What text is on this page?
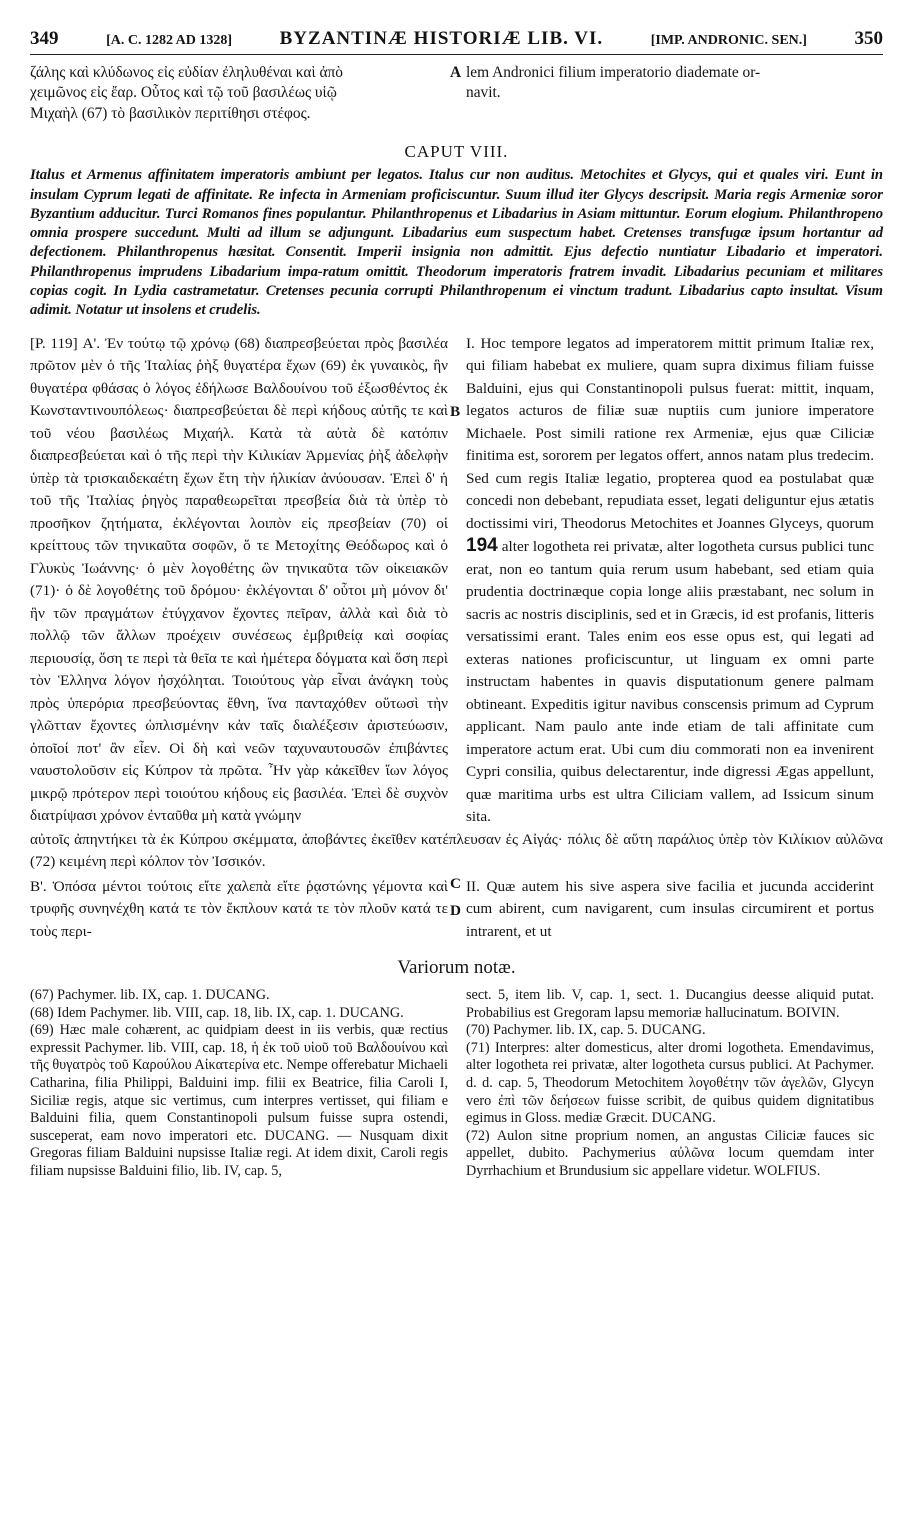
349	[A. C. 1282 AD 1328]	BYZANTINÆ HISTORIÆ LIB. VI.	[IMP. ANDRONIC. SEN.]	350
ζάλης καὶ κλύδωνος εἰς εὐδίαν ἐληλυθέναι καὶ ἀπὸ
χειμῶνος εἰς ἔαρ. Οὗτος καὶ τῷ τοῦ βασιλέως υἱῷ
Μιχαὴλ (67) τὸ βασιλικὸν περιτίθησι στέφος.
A lem Andronici filium imperatorio diademate or-
navit.
CAPUT VIII.
Italus et Armenus affinitatem imperatoris ambiunt per legatos. Italus cur non auditus. Metochites et Glycys, qui et quales viri. Eunt in insulam Cyprum legati de affinitate. Re infecta in Armeniam proficiscuntur. Suum illud iter Glycys descripsit. Maria regis Armeniæ soror Byzantium adducitur. Turci Romanos fines populantur. Philanthropenus et Libadarius in Asiam mittuntur. Eorum elogium. Philanthropeno omnia prospere succedunt. Multi ad illum se adjungunt. Libadarius eum suspectum habet. Cretenses transfugæ ipsum hortantur ad defectionem. Philanthropenus hæsitat. Consentit. Imperii insignia non admittit. Ejus defectio nuntiatur Libadario et imperatori. Philanthropenus imprudens Libadarium impa-ratum omittit. Theodorum imperatoris fratrem invadit. Libadarius pecuniam et militares copias cogit. In Lydia castrametatur. Cretenses pecunia corrupti Philanthropenum ei vinctum tradunt. Libadarius capto insultat. Visum adimit. Notatur ut insolens et crudelis.
[P. 119] Α'. Ἐν τούτῳ τῷ χρόνῳ (68) διαπρεσβεύεται πρὸς βασιλέα πρῶτον μὲν ὁ τῆς Ἰταλίας ῥὴξ θυγατέρα ἔχων (69) ἐκ γυναικὸς, ἣν θυγατέρα φθάσας ὁ λόγος ἐδήλωσε Βαλδουίνου τοῦ ἐξωσθέντος ἐκ Κωνσταντινουπόλεως· διαπρεσβεύεται δὲ περὶ κήδους αὐτῆς τε καὶ τοῦ νέου βασιλέως Μιχαήλ. Κατὰ τὰ αὐτὰ δὲ κατόπιν διαπρεσβεύεται καὶ ὁ τῆς περὶ τὴν Κιλικίαν Ἀρμενίας ῥὴξ ἀδελφὴν ὑπὲρ τὰ τρισκαιδεκαέτη ἔχων ἔτη τὴν ἡλικίαν ἀνύουσαν. Ἐπεὶ δ' ἡ τοῦ τῆς Ἰταλίας ῥηγὸς παραθεωρεῖται πρεσβεία διὰ τὰ ὑπὲρ τὸ προσῆκον ζητήματα, ἐκλέγονται λοιπὸν εἰς πρεσβείαν (70) οἱ κρείττους τῶν τηνικαῦτα σοφῶν, ὅ τε Μετοχίτης Θεόδωρος καὶ ὁ Γλυκὺς Ἰωάννης· ὁ μὲν λογοθέτης ὢν τηνικαῦτα τῶν οἰκειακῶν (71)· ὁ δὲ λογοθέτης τοῦ δρόμου· ἐκλέγονται δ' οὗτοι μὴ μόνον δι' ἣν τῶν πραγμάτων ἐτύγχανον ἔχοντες πεῖραν, ἀλλὰ καὶ διὰ τὸ πολλῷ τῶν ἄλλων προέχειν συνέσεως ἐμβριθείᾳ καὶ σοφίας περιουσίᾳ, ὅση τε περὶ τὰ θεῖα τε καὶ ἡμέτερα δόγματα καὶ ὅση περὶ τὸν Ἑλληνα λόγον ἠσχόληται. Τοιούτους γὰρ εἶναι ἀνάγκη τοὺς πρὸς ὑπερόρια πρεσβεύοντας ἔθνη, ἵνα πανταχόθεν οὕτωσὶ τὴν γλῶτταν ἔχοντες ὡπλισμένην κἀν ταῖς διαλέξεσιν ἀριστεύωσιν, ὁποῖοί ποτ' ἂν εἶεν. Οἱ δὴ καὶ νεῶν ταχυναυτουσῶν ἐπιβάντες ναυστολοῦσιν εἰς Κύπρον τὰ πρῶτα. Ἦν γὰρ κἀκεῖθεν ἴων λόγος μικρῷ πρότερον περὶ τοιούτου κήδους εἰς βασιλέα. Ἐπεὶ δὲ συχνὸν διατρίψασι χρόνον ἐνταῦθα μὴ κατὰ γνώμην
B
C
I. Hoc tempore legatos ad imperatorem mittit primum Italiæ rex, qui filiam habebat ex muliere, quam supra diximus filiam fuisse Balduini, ejus qui Constantinopoli pulsus fuerat: mittit, inquam, legatos acturos de filiæ suæ nuptiis cum juniore imperatore Michaele. Post simili ratione rex Armeniæ, ejus quæ Ciliciæ finitima est, sororem per legatos offert, annos natam plus tredecim. Sed cum regis Italiæ legatio, propterea quod ea postulabat quæ concedi non debebant, repudiata esset, legati deliguntur ejus ætatis doctissimi viri, Theodorus Metochites et Joannes Glyceys, quorum 194 alter logotheta rei privatæ, alter logotheta cursus publici tunc erat, non eo tantum quia rerum usum habebant, sed etiam quia prudentia doctrinæque copia longe aliis præstabant, nec solum in sacris ac nostris disciplinis, sed et in Græcis, id est profanis, litteris versatissimi erant. Tales enim eos esse opus est, qui legati ad exteras nationes proficiscuntur, ut linguam ex omni parte instructam habentes in quavis disputationum genere palmam obtineant. Expeditis igitur navibus conscensis primum ad Cyprum applicant. Nam paulo ante inde etiam de tali affinitate cum imperatore actum erat. Ubi cum diu commorati non ea invenirent Cypri consilia, quibus delectarentur, inde digressi Ægas appellunt, quæ maritima urbs est ultra Ciliciam vallem, ad Issicum sinum sita.
αὐτοῖς ἀπηντήκει τὰ ἐκ Κύπρου σκέμματα, ἀποβάντες ἐκεῖθεν κατέπλευσαν ἐς Αἰγάς· πόλις δὲ αὕτη παράλιος ὑπὲρ τὸν Κιλίκιον αὐλῶνα (72) κειμένη περὶ κόλπον τὸν Ἰσσικόν.
Β'. Ὁπόσα μέντοι τούτοις εἴτε χαλεπὰ εἴτε ῥᾳστώνης γέμοντα καὶ τρυφῆς συνηνέχθη κατά τε τὸν ἔκπλουν κατά τε τὸν πλοῦν κατά τε τοὺς περι-
D
II. Quæ autem his sive aspera sive facilia et jucunda acciderint cum abirent, cum navigarent, cum insulas circumirent et portus intrarent, et ut
Variorum notæ.

(67) Pachymer. lib. IX, cap. 1. DUCANG.

(68) Idem Pachymer. lib. VIII, cap. 18, lib. IX, cap. 1. DUCANG.

(69) Hæc male cohærent, ac quidpiam deest in iis verbis, quæ rectius expressit Pachymer. lib. VIII, cap. 18, ἡ ἐκ τοῦ υἱοῦ τοῦ Βαλδουίνου καὶ τῆς θυγατρὸς τοῦ Καρούλου Αἰκατερίνα etc. Nempe offerebatur Michaeli Catharina, filia Philippi, Balduini imp. filii ex Beatrice, filia Caroli I, Siciliæ regis, atque sic vertimus, cum interpres vertisset, qui filiam e Balduini filia, quem Constantinopoli pulsum fuisse supra ostendi, susceperat, eam novo imperatori etc. DUCANG. — Nusquam dixit Gregoras filiam Balduini nupsisse Italiæ regi. At idem dixit, Caroli regis filiam nupsisse Balduini filio, lib. IV, cap. 5,

sect. 5, item lib. V, cap. 1, sect. 1. Ducangius deesse aliquid putat. Probabilius est Gregoram lapsu memoriæ hallucinatum. BOIVIN.

(70) Pachymer. lib. IX, cap. 5. DUCANG.

(71) Interpres: alter domesticus, alter dromi logotheta. Emendavimus, alter logotheta rei privatæ, alter logotheta cursus publici. At Pachymer. d. d. cap. 5, Theodorum Metochitem λογοθέτην τῶν ἀγελῶν, Glycyn vero ἐπὶ τῶν δεήσεων fuisse scribit, de quibus quidem dignitatibus egimus in Gloss. mediæ Græcit. DUCANG.

(72) Aulon sitne proprium nomen, an angustas Ciliciæ fauces sic appellet, dubito. Pachymerius αὐλῶνα locum quemdam inter Dyrrhachium et Brundusium sic appellare videtur. WOLFIUS.
